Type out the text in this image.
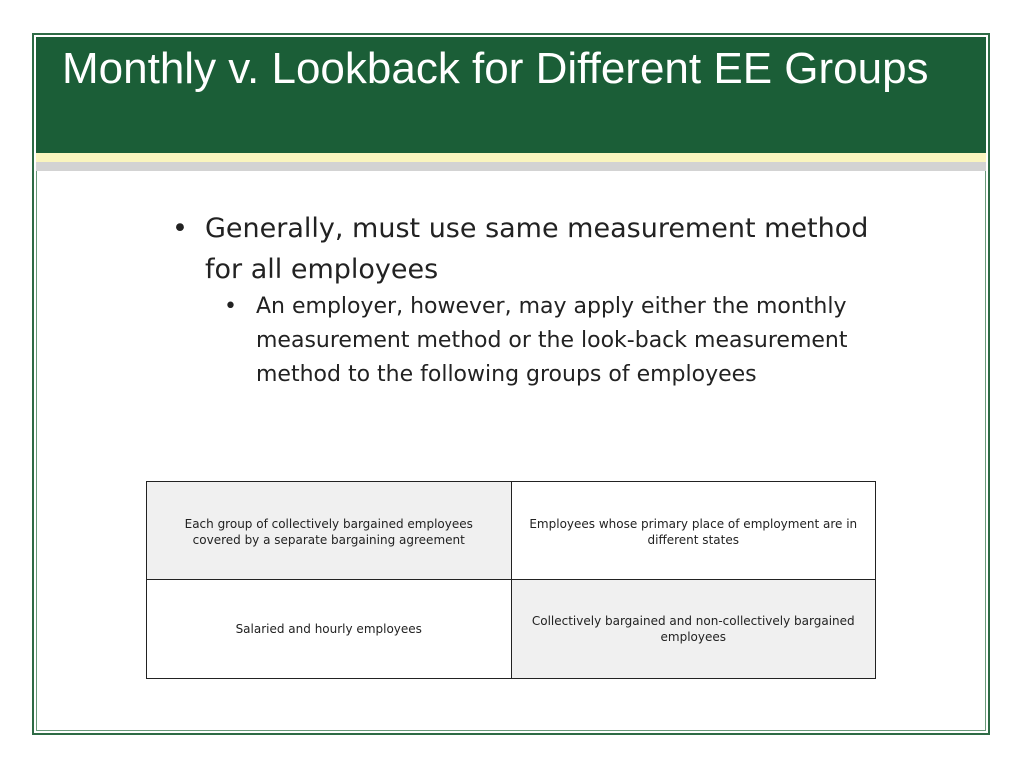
Monthly v. Lookback for Different EE Groups
• Generally, must use same measurement method for all employees
• An employer, however, may apply either the monthly measurement method or the look-back measurement method to the following groups of employees
Each group of collectively bargained employees covered by a separate bargaining agreement	Employees whose primary place of employment are in different states
Salaried and hourly employees	Collectively bargained and non-collectively bargained employees
